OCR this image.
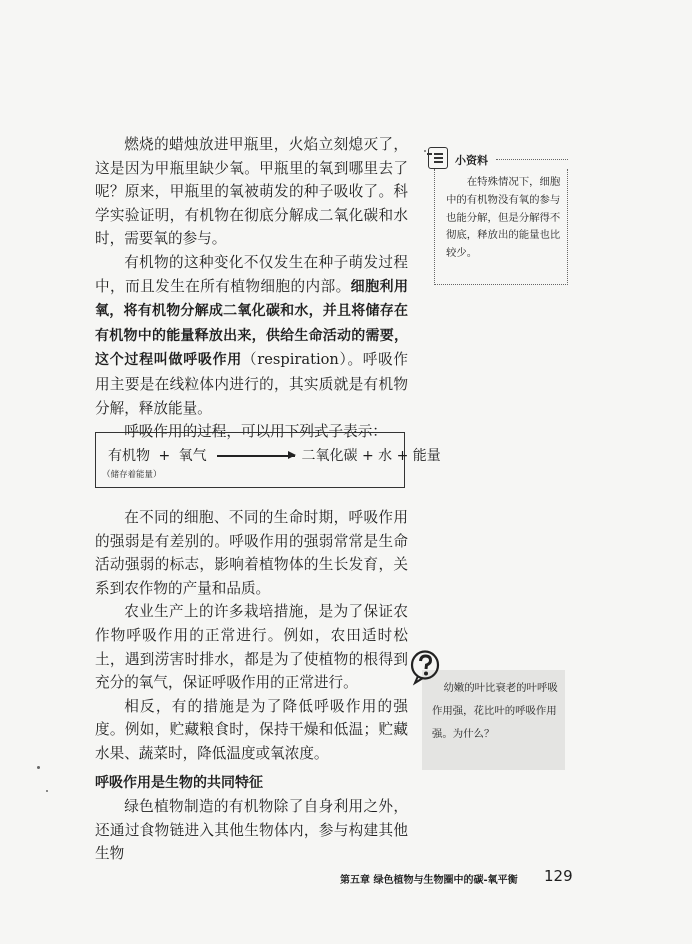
燃烧的蜡烛放进甲瓶里，火焰立刻熄灭了，这是因为甲瓶里缺少氧。甲瓶里的氧到哪里去了呢？原来，甲瓶里的氧被萌发的种子吸收了。科学实验证明，有机物在彻底分解成二氧化碳和水时，需要氧的参与。

有机物的这种变化不仅发生在种子萌发过程中，而且发生在所有植物细胞的内部。细胞利用氧，将有机物分解成二氧化碳和水，并且将储存在有机物中的能量释放出来，供给生命活动的需要，这个过程叫做呼吸作用（respiration）。呼吸作用主要是在线粒体内进行的，其实质就是有机物分解，释放能量。

呼吸作用的过程，可以用下列式子表示：

有机物 + 氧气	二氧化碳 + 水 + 能量
（储存着能量）

在不同的细胞、不同的生命时期，呼吸作用的强弱是有差别的。呼吸作用的强弱常常是生命活动强弱的标志，影响着植物体的生长发育，关系到农作物的产量和品质。

农业生产上的许多栽培措施，是为了保证农作物呼吸作用的正常进行。例如，农田适时松土，遇到涝害时排水，都是为了使植物的根得到充分的氧气，保证呼吸作用的正常进行。

相反，有的措施是为了降低呼吸作用的强度。例如，贮藏粮食时，保持干燥和低温；贮藏水果、蔬菜时，降低温度或氧浓度。

呼吸作用是生物的共同特征

绿色植物制造的有机物除了自身利用之外，还通过食物链进入其他生物体内，参与构建其他生物

小资料
在特殊情况下，细胞中的有机物没有氧的参与也能分解，但是分解得不彻底，释放出的能量也比较少。
幼嫩的叶比衰老的叶呼吸作用强，花比叶的呼吸作用强。为什么？
第五章 绿色植物与生物圈中的碳-氧平衡 129
